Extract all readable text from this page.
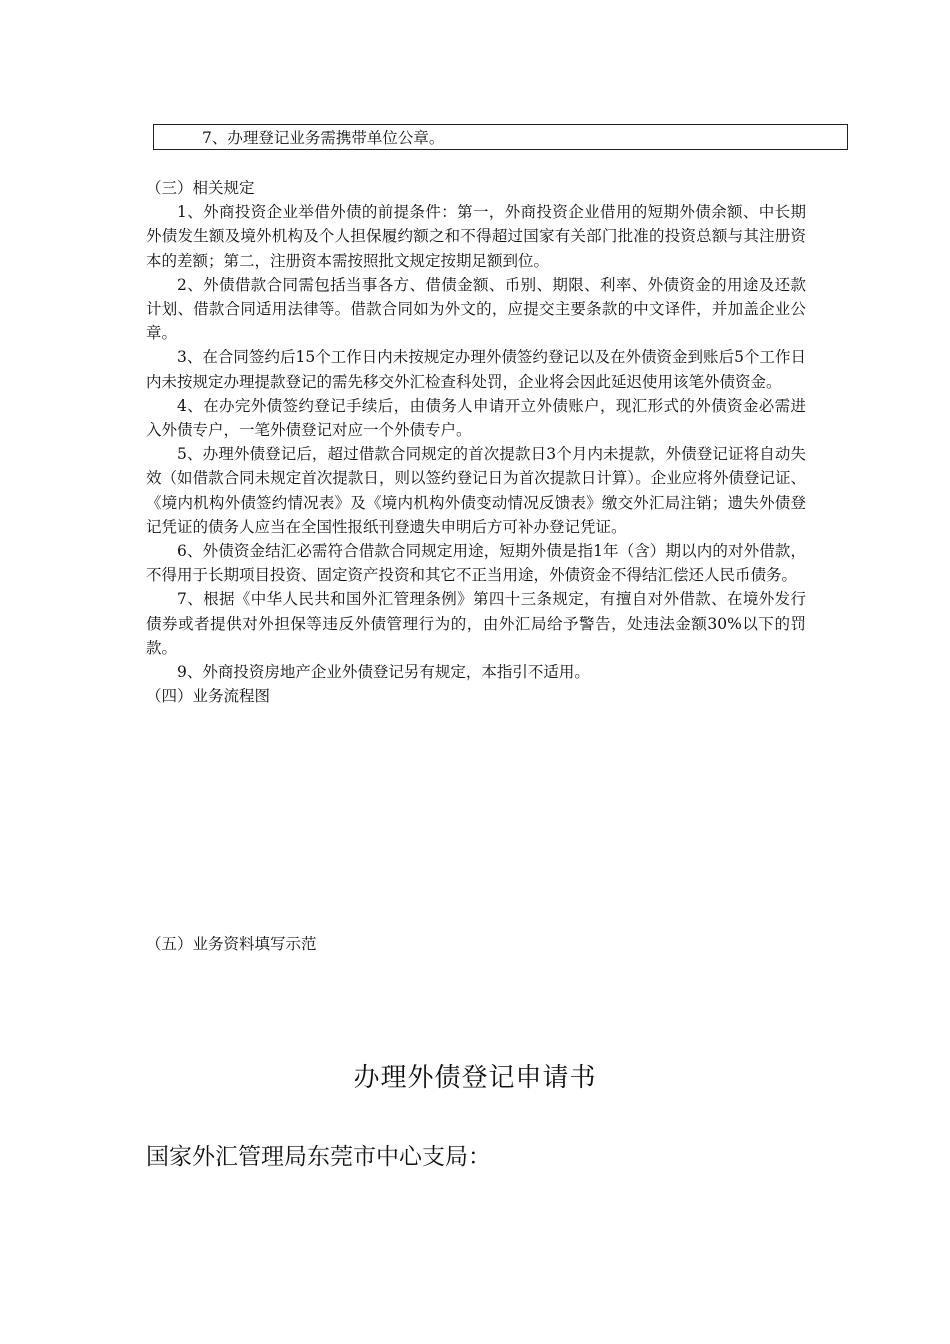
7、办理登记业务需携带单位公章。
（三）相关规定

1、外商投资企业举借外债的前提条件：第一，外商投资企业借用的短期外债余额、中长期外债发生额及境外机构及个人担保履约额之和不得超过国家有关部门批准的投资总额与其注册资本的差额；第二，注册资本需按照批文规定按期足额到位。

2、外债借款合同需包括当事各方、借债金额、币别、期限、利率、外债资金的用途及还款计划、借款合同适用法律等。借款合同如为外文的，应提交主要条款的中文译件，并加盖企业公章。

3、在合同签约后15个工作日内未按规定办理外债签约登记以及在外债资金到账后5个工作日内未按规定办理提款登记的需先移交外汇检查科处罚，企业将会因此延迟使用该笔外债资金。

4、在办完外债签约登记手续后，由债务人申请开立外债账户，现汇形式的外债资金必需进入外债专户，一笔外债登记对应一个外债专户。

5、办理外债登记后，超过借款合同规定的首次提款日3个月内未提款，外债登记证将自动失效（如借款合同未规定首次提款日，则以签约登记日为首次提款日计算）。企业应将外债登记证、《境内机构外债签约情况表》及《境内机构外债变动情况反馈表》缴交外汇局注销；遗失外债登记凭证的债务人应当在全国性报纸刊登遗失申明后方可补办登记凭证。

6、外债资金结汇必需符合借款合同规定用途，短期外债是指1年（含）期以内的对外借款，不得用于长期项目投资、固定资产投资和其它不正当用途，外债资金不得结汇偿还人民币债务。

7、根据《中华人民共和国外汇管理条例》第四十三条规定，有擅自对外借款、在境外发行债券或者提供对外担保等违反外债管理行为的，由外汇局给予警告，处违法金额30%以下的罚款。

9、外商投资房地产企业外债登记另有规定，本指引不适用。

（四）业务流程图
（五）业务资料填写示范
办理外债登记申请书
国家外汇管理局东莞市中心支局：
